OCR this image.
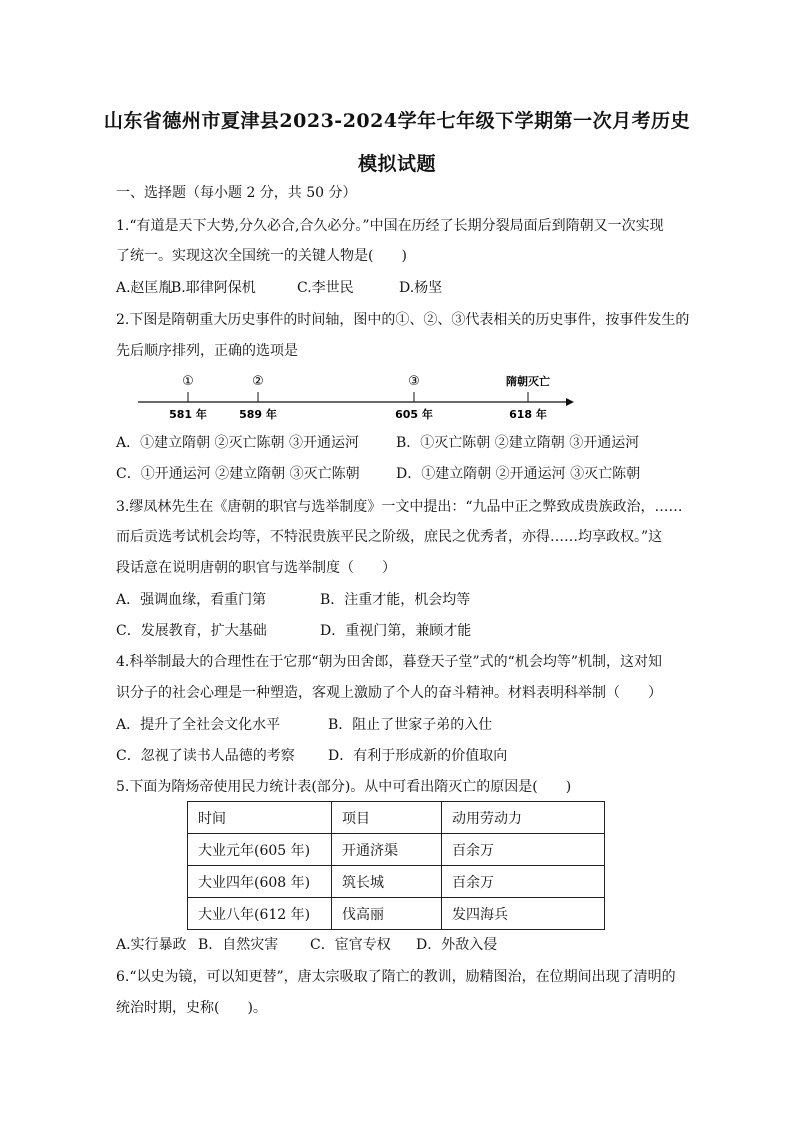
山东省德州市夏津县2023-2024学年七年级下学期第一次月考历史
模拟试题
一、选择题（每小题 2 分，共 50 分）
1.“有道是天下大势,分久必合,合久必分。”中国在历经了长期分裂局面后到隋朝又一次实现
了统一。实现这次全国统一的关键人物是(　　)
A.赵匡胤B.耶律阿保机	C.李世民	D.杨坚
2.下图是隋朝重大历史事件的时间轴，图中的①、②、③代表相关的历史事件，按事件发生的
先后顺序排列，正确的选项是
①	②	③	隋朝灭亡
581 年	589 年	605 年	618 年
A．①建立隋朝 ②灭亡陈朝 ③开通运河	B．①灭亡陈朝 ②建立隋朝 ③开通运河
C．①开通运河 ②建立隋朝 ③灭亡陈朝	D．①建立隋朝 ②开通运河 ③灭亡陈朝
3.缪凤林先生在《唐朝的职官与选举制度》一文中提出：“九品中正之弊致成贵族政治，……
而后贡选考试机会均等，不特泯贵族平民之阶级，庶民之优秀者，亦得……均享政权。”这
段话意在说明唐朝的职官与选举制度（　　）
A．强调血缘，看重门第	B．注重才能，机会均等
C．发展教育，扩大基础	D．重视门第，兼顾才能
4.科举制最大的合理性在于它那“朝为田舍郎，暮登天子堂”式的“机会均等”机制，这对知
识分子的社会心理是一种塑造，客观上激励了个人的奋斗精神。材料表明科举制（　　）
A．提升了全社会文化水平	B．阻止了世家子弟的入仕
C．忽视了读书人品德的考察 D．有利于形成新的价值取向
5.下面为隋炀帝使用民力统计表(部分)。从中可看出隋灭亡的原因是(　　)
时间	项目	动用劳动力
大业元年(605 年)	开通济渠	百余万
大业四年(608 年)	筑长城	百余万
大业八年(612 年)	伐高丽	发四海兵
A.实行暴政 B．自然灾害 C．宦官专权 D．外敌入侵
6.“以史为镜，可以知更替”，唐太宗吸取了隋亡的教训，励精图治，在位期间出现了清明的
统治时期，史称(　　)。
